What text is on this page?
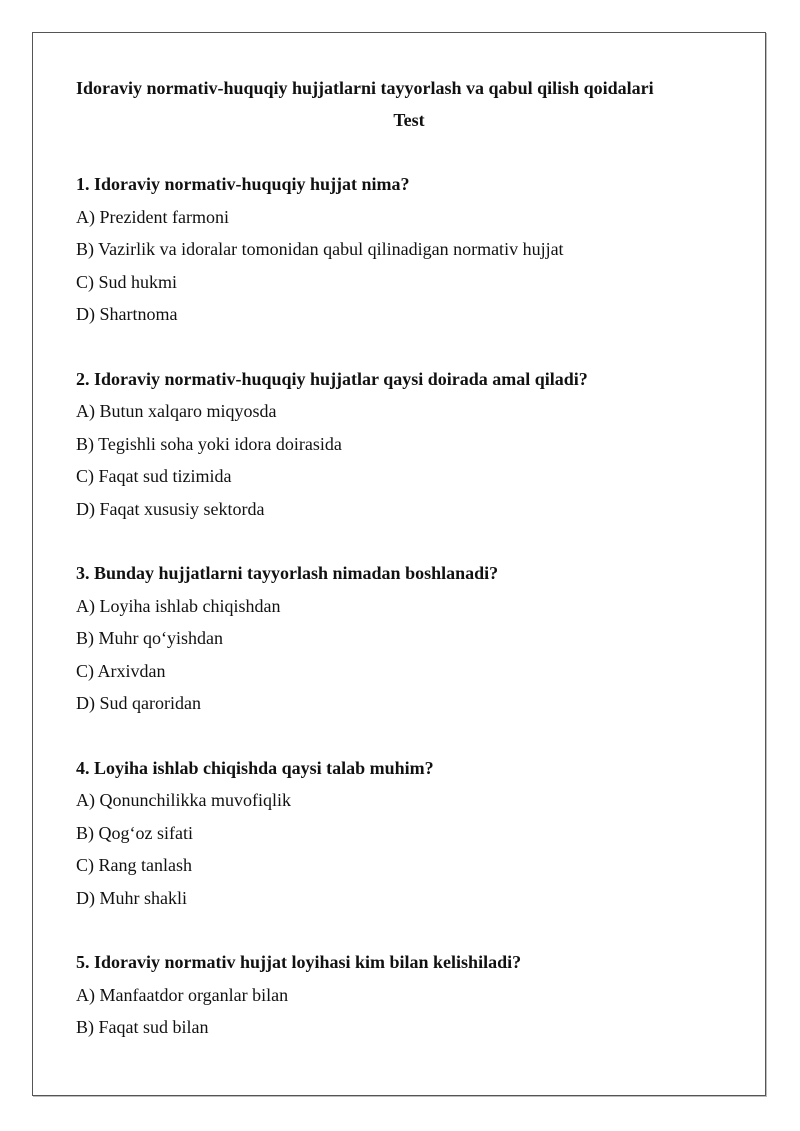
Idoraviy normativ-huquqiy hujjatlarni tayyorlash va qabul qilish qoidalari

Test

1. Idoraviy normativ-huquqiy hujjat nima?

A) Prezident farmoni

B) Vazirlik va idoralar tomonidan qabul qilinadigan normativ hujjat

C) Sud hukmi

D) Shartnoma

2. Idoraviy normativ-huquqiy hujjatlar qaysi doirada amal qiladi?

A) Butun xalqaro miqyosda

B) Tegishli soha yoki idora doirasida

C) Faqat sud tizimida

D) Faqat xususiy sektorda

3. Bunday hujjatlarni tayyorlash nimadan boshlanadi?

A) Loyiha ishlab chiqishdan

B) Muhr qo‘yishdan

C) Arxivdan

D) Sud qaroridan

4. Loyiha ishlab chiqishda qaysi talab muhim?

A) Qonunchilikka muvofiqlik

B) Qog‘oz sifati

C) Rang tanlash

D) Muhr shakli

5. Idoraviy normativ hujjat loyihasi kim bilan kelishiladi?

A) Manfaatdor organlar bilan

B) Faqat sud bilan
